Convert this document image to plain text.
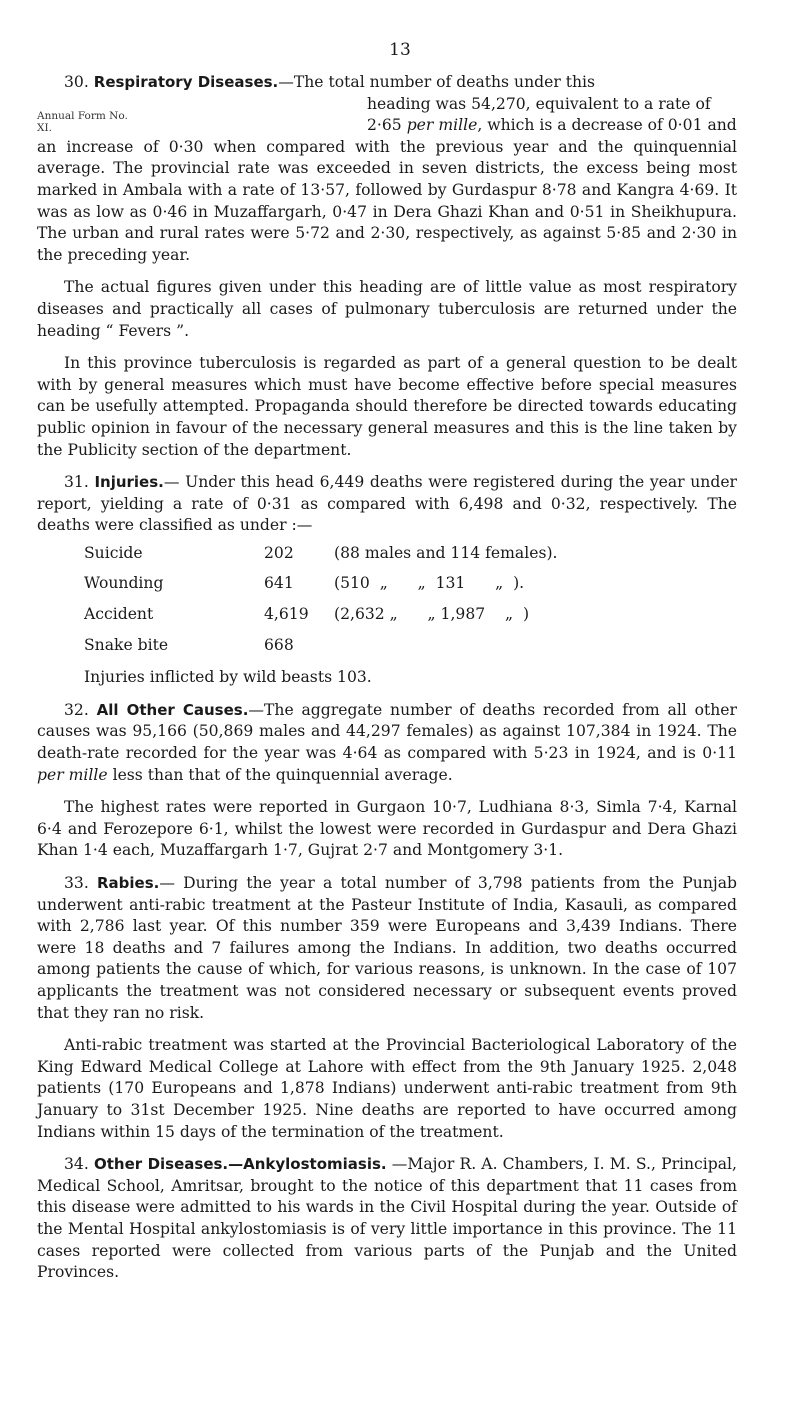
13
Annual Form No. XI.

30. Respiratory Diseases.—The total number of deaths under this

heading was 54,270, equivalent to a rate of

2·65 per mille, which is a decrease of 0·01 and

an increase of 0·30 when compared with the previous year and the quinquennial average. The provincial rate was exceeded in seven districts, the excess being most marked in Ambala with a rate of 13·57, followed by Gurdaspur 8·78 and Kangra 4·69. It was as low as 0·46 in Muzaffargarh, 0·47 in Dera Ghazi Khan and 0·51 in Sheikhupura. The urban and rural rates were 5·72 and 2·30, respectively, as against 5·85 and 2·30 in the preceding year.

The actual figures given under this heading are of little value as most respiratory diseases and practically all cases of pulmonary tuberculosis are returned under the heading “ Fevers ”.

In this province tuberculosis is regarded as part of a general question to be dealt with by general measures which must have become effective before special measures can be usefully attempted. Propaganda should therefore be directed towards educating public opinion in favour of the necessary general measures and this is the line taken by the Publicity section of the department.

31. Injuries.— Under this head 6,449 deaths were registered during the year under report, yielding a rate of 0·31 as compared with 6,498 and 0·32, respectively. The deaths were classified as under :—

Suicide	202	(88 males and 114 females).
Wounding	641	(510  „      „  131      „  ).
Accident	4,619	(2,632 „      „ 1,987    „  )
Snake bite	668	

Injuries inflicted by wild beasts 103.

32. All Other Causes.—The aggregate number of deaths recorded from all other causes was 95,166 (50,869 males and 44,297 females) as against 107,384 in 1924. The death-rate recorded for the year was 4·64 as compared with 5·23 in 1924, and is 0·11 per mille less than that of the quinquennial average.

The highest rates were reported in Gurgaon 10·7, Ludhiana 8·3, Simla 7·4, Karnal 6·4 and Ferozepore 6·1, whilst the lowest were recorded in Gurdaspur and Dera Ghazi Khan 1·4 each, Muzaffargarh 1·7, Gujrat 2·7 and Montgomery 3·1.

33. Rabies.— During the year a total number of 3,798 patients from the Punjab underwent anti-rabic treatment at the Pasteur Institute of India, Kasauli, as compared with 2,786 last year. Of this number 359 were Europeans and 3,439 Indians. There were 18 deaths and 7 failures among the Indians. In addition, two deaths occurred among patients the cause of which, for various reasons, is unknown. In the case of 107 applicants the treatment was not considered necessary or subsequent events proved that they ran no risk.

Anti-rabic treatment was started at the Provincial Bacteriological Laboratory of the King Edward Medical College at Lahore with effect from the 9th January 1925. 2,048 patients (170 Europeans and 1,878 Indians) underwent anti-rabic treatment from 9th January to 31st December 1925. Nine deaths are reported to have occurred among Indians within 15 days of the termination of the treatment.

34. Other Diseases.—Ankylostomiasis. —Major R. A. Chambers, I. M. S., Principal, Medical School, Amritsar, brought to the notice of this department that 11 cases from this disease were admitted to his wards in the Civil Hospital during the year. Outside of the Mental Hospital ankylostomiasis is of very little importance in this province. The 11 cases reported were collected from various parts of the Punjab and the United Provinces.
